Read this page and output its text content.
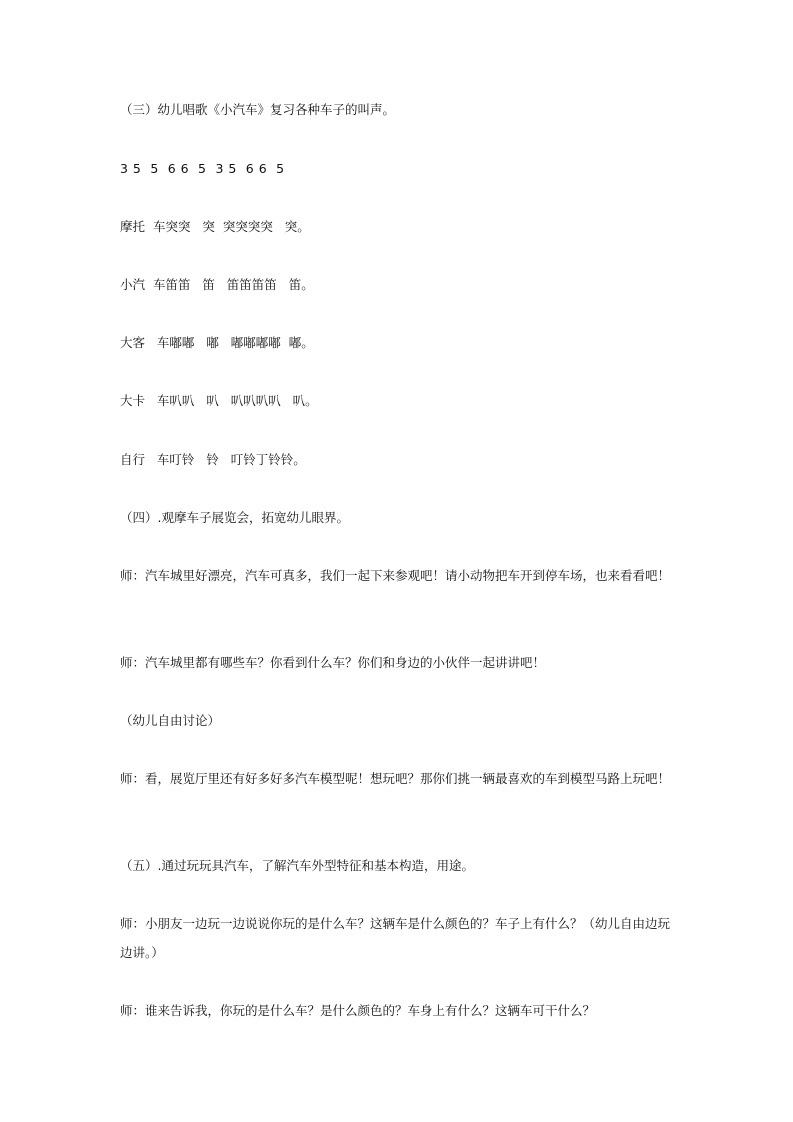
（三）幼儿唱歌《小汽车》复习各种车子的叫声。
3 5  5  6 6  5  3 5  6 6  5
摩托  车突突   突  突突突突   突。
小汽  车笛笛   笛   笛笛笛笛   笛。
大客   车嘟嘟   嘟   嘟嘟嘟嘟  嘟。
大卡   车叭叭   叭   叭叭叭叭   叭。
自行   车叮铃   铃   叮铃丁铃铃。
（四）.观摩车子展览会，拓宽幼儿眼界。
师：汽车城里好漂亮，汽车可真多，我们一起下来参观吧！请小动物把车开到停车场，也来看看吧！
师：汽车城里都有哪些车？你看到什么车？你们和身边的小伙伴一起讲讲吧！
（幼儿自由讨论）
师：看，展览厅里还有好多好多汽车模型呢！想玩吧？那你们挑一辆最喜欢的车到模型马路上玩吧！
（五）.通过玩玩具汽车，了解汽车外型特征和基本构造，用途。
师：小朋友一边玩一边说说你玩的是什么车？这辆车是什么颜色的？车子上有什么？（幼儿自由边玩边讲。）
师：谁来告诉我，你玩的是什么车？是什么颜色的？车身上有什么？这辆车可干什么？
